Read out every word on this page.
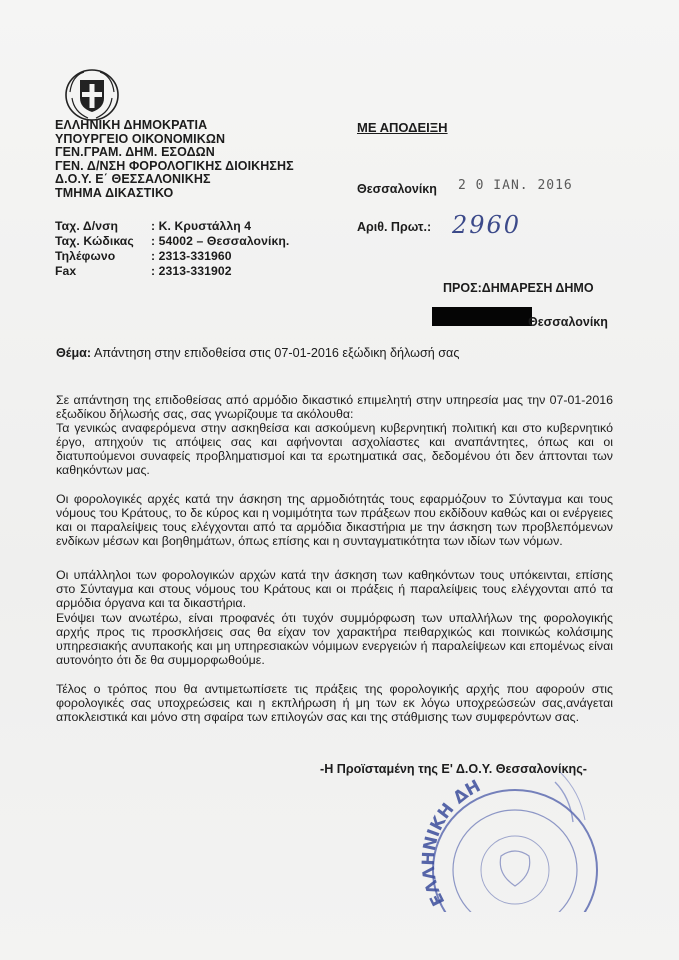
ΕΛΛΗΝΙΚΗ ΔΗΜΟΚΡΑΤΙΑ
ΥΠΟΥΡΓΕΙΟ ΟΙΚΟΝΟΜΙΚΩΝ
ΓΕΝ.ΓΡΑΜ. ΔΗΜ. ΕΣΟΔΩΝ
ΓΕΝ. Δ/ΝΣΗ ΦΟΡΟΛΟΓΙΚΗΣ ΔΙΟΙΚΗΣΗΣ
Δ.Ο.Υ. Ε΄ ΘΕΣΣΑΛΟΝΙΚΗΣ
ΤΜΗΜΑ ΔΙΚΑΣΤΙΚΟ
Ταχ. Δ/νση	: Κ. Κρυστάλλη 4
Ταχ. Κώδικας : 54002 – Θεσσαλονίκη.
Τηλέφωνο	: 2313-331960
Fax	: 2313-331902
ΜΕ ΑΠΟΔΕΙΞΗ
Θεσσαλονίκη 2 0 ΙΑΝ. 2016
Αριθ. Πρωτ.: 2960
ΠΡΟΣ:ΔΗΜΑΡΕΣΗ ΔΗΜΟ
Θεσσαλονίκη
Θέμα: Απάντηση στην επιδοθείσα στις 07-01-2016 εξώδικη δήλωσή σας
Σε απάντηση της επιδοθείσας από αρμόδιο δικαστικό επιμελητή στην υπηρεσία μας την 07-01-2016 εξωδίκου δήλωσής σας, σας γνωρίζουμε τα ακόλουθα:
Τα γενικώς αναφερόμενα στην ασκηθείσα και ασκούμενη κυβερνητική πολιτική και στο κυβερνητικό έργο, απηχούν τις απόψεις σας και αφήνονται ασχολίαστες και αναπάντητες, όπως και οι διατυπούμενοι συναφείς προβληματισμοί και τα ερωτηματικά σας, δεδομένου ότι δεν άπτονται των καθηκόντων μας.
Οι φορολογικές αρχές κατά την άσκηση της αρμοδιότητάς τους εφαρμόζουν το Σύνταγμα και τους νόμους του Κράτους, το δε κύρος και η νομιμότητα των πράξεων που εκδίδουν καθώς και οι ενέργειες και οι παραλείψεις τους ελέγχονται από τα αρμόδια δικαστήρια με την άσκηση των προβλεπόμενων ενδίκων μέσων και βοηθημάτων, όπως επίσης και η συνταγματικότητα των ιδίων των νόμων.
Οι υπάλληλοι των φορολογικών αρχών κατά την άσκηση των καθηκόντων τους υπόκεινται, επίσης στο Σύνταγμα και στους νόμους του Κράτους και οι πράξεις ή παραλείψεις τους ελέγχονται από τα αρμόδια όργανα και τα δικαστήρια.
Ενόψει των ανωτέρω, είναι προφανές ότι τυχόν συμμόρφωση των υπαλλήλων της φορολογικής αρχής προς τις προσκλήσεις σας θα είχαν τον χαρακτήρα πειθαρχικώς και ποινικώς κολάσιμης υπηρεσιακής ανυπακοής και μη υπηρεσιακών νόμιμων ενεργειών ή παραλείψεων και επομένως είναι αυτονόητο ότι δε θα συμμορφωθούμε.
Τέλος ο τρόπος που θα αντιμετωπίσετε τις πράξεις της φορολογικής αρχής που αφορούν στις φορολογικές σας υποχρεώσεις και η εκπλήρωση ή μη των εκ λόγω υποχρεώσεών σας,ανάγεται αποκλειστικά και μόνο στη σφαίρα των επιλογών σας και της στάθμισης των συμφερόντων σας.
-Η Προϊσταμένη της Ε' Δ.Ο.Υ. Θεσσαλονίκης-
ΕΛΛΗΝΙΚΗ ΔΗ
